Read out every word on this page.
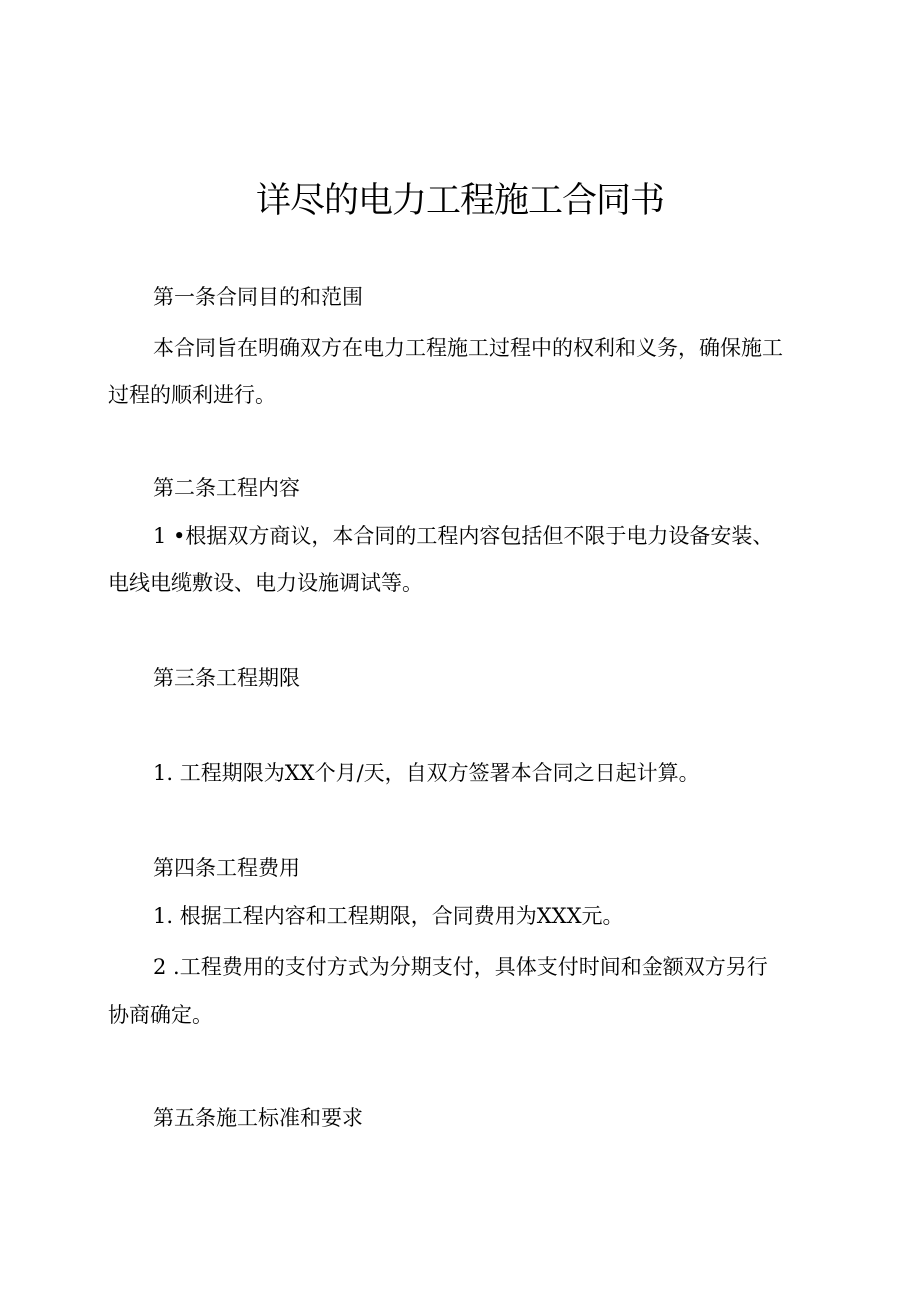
详尽的电力工程施工合同书

第一条合同目的和范围

本合同旨在明确双方在电力工程施工过程中的权利和义务，确保施工

过程的顺利进行。

第二条工程内容

1 •根据双方商议，本合同的工程内容包括但不限于电力设备安装、

电线电缆敷设、电力设施调试等。

第三条工程期限

1. 工程期限为XX个月/天，自双方签署本合同之日起计算。

第四条工程费用

1. 根据工程内容和工程期限，合同费用为XXX元。

2 .工程费用的支付方式为分期支付，具体支付时间和金额双方另行

协商确定。

第五条施工标准和要求
